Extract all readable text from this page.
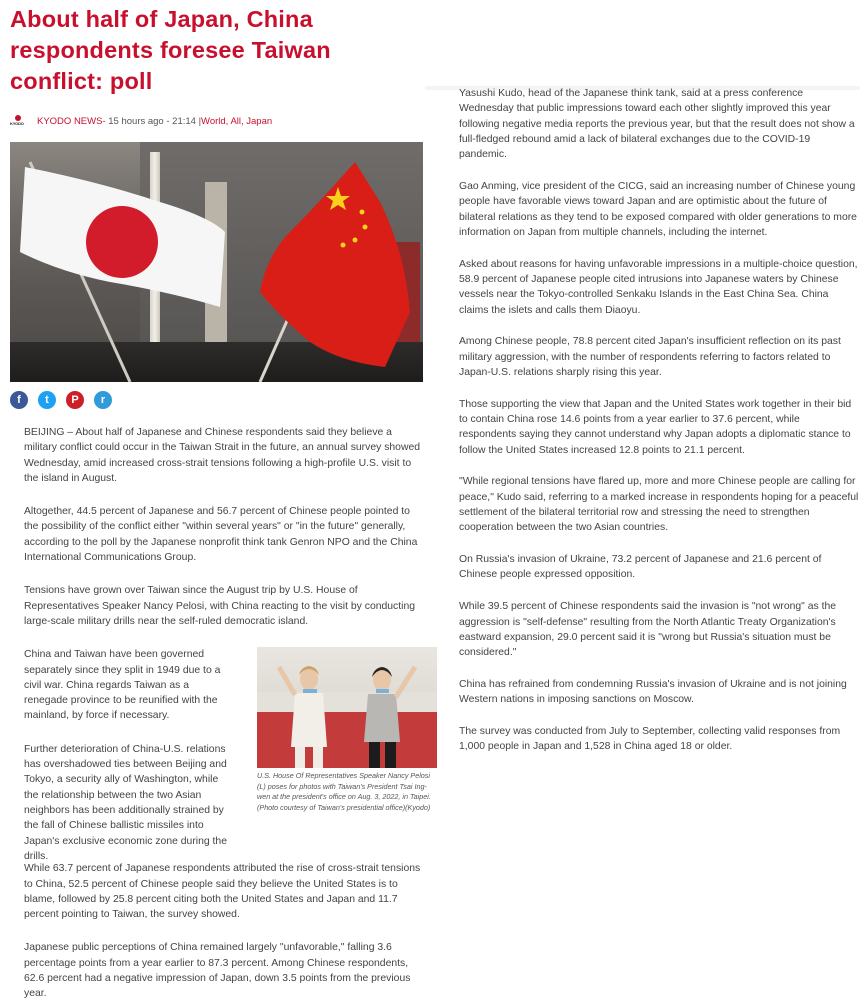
About half of Japan, China respondents foresee Taiwan conflict: poll
KYODO KYODO NEWS - 15 hours ago - 21:14 | World, All, Japan
f	t	P	r

BEIJING – About half of Japanese and Chinese respondents said they believe a military conflict could occur in the Taiwan Strait in the future, an annual survey showed Wednesday, amid increased cross-strait tensions following a high-profile U.S. visit to the island in August.

Altogether, 44.5 percent of Japanese and 56.7 percent of Chinese people pointed to the possibility of the conflict either "within several years" or "in the future" generally, according to the poll by the Japanese nonprofit think tank Genron NPO and the China International Communications Group.

Tensions have grown over Taiwan since the August trip by U.S. House of Representatives Speaker Nancy Pelosi, with China reacting to the visit by conducting large-scale military drills near the self-ruled democratic island.

China and Taiwan have been governed separately since they split in 1949 due to a civil war. China regards Taiwan as a renegade province to be reunified with the mainland, by force if necessary.

Further deterioration of China-U.S. relations has overshadowed ties between Beijing and Tokyo, a security ally of Washington, while the relationship between the two Asian neighbors has been additionally strained by the fall of Chinese ballistic missiles into Japan's exclusive economic zone during the drills.

U.S. House Of Representatives Speaker Nancy Pelosi (L) poses for photos with Taiwan's President Tsai Ing-wen at the president's office on Aug. 3, 2022, in Taipei. (Photo courtesy of Taiwan's presidential office)(Kyodo)

While 63.7 percent of Japanese respondents attributed the rise of cross-strait tensions to China, 52.5 percent of Chinese people said they believe the United States is to blame, followed by 25.8 percent citing both the United States and Japan and 11.7 percent pointing to Taiwan, the survey showed.

Japanese public perceptions of China remained largely "unfavorable," falling 3.6 percentage points from a year earlier to 87.3 percent. Among Chinese respondents, 62.6 percent had a negative impression of Japan, down 3.5 points from the previous year.

Yasushi Kudo, head of the Japanese think tank, said at a press conference Wednesday that public impressions toward each other slightly improved this year following negative media reports the previous year, but that the result does not show a full-fledged rebound amid a lack of bilateral exchanges due to the COVID-19 pandemic.

Gao Anming, vice president of the CICG, said an increasing number of Chinese young people have favorable views toward Japan and are optimistic about the future of bilateral relations as they tend to be exposed compared with older generations to more information on Japan from multiple channels, including the internet.

Asked about reasons for having unfavorable impressions in a multiple-choice question, 58.9 percent of Japanese people cited intrusions into Japanese waters by Chinese vessels near the Tokyo-controlled Senkaku Islands in the East China Sea. China claims the islets and calls them Diaoyu.

Among Chinese people, 78.8 percent cited Japan's insufficient reflection on its past military aggression, with the number of respondents referring to factors related to Japan-U.S. relations sharply rising this year.

Those supporting the view that Japan and the United States work together in their bid to contain China rose 14.6 points from a year earlier to 37.6 percent, while respondents saying they cannot understand why Japan adopts a diplomatic stance to follow the United States increased 12.8 points to 21.1 percent.

"While regional tensions have flared up, more and more Chinese people are calling for peace," Kudo said, referring to a marked increase in respondents hoping for a peaceful settlement of the bilateral territorial row and stressing the need to strengthen cooperation between the two Asian countries.

On Russia's invasion of Ukraine, 73.2 percent of Japanese and 21.6 percent of Chinese people expressed opposition.

While 39.5 percent of Chinese respondents said the invasion is "not wrong" as the aggression is "self-defense" resulting from the North Atlantic Treaty Organization's eastward expansion, 29.0 percent said it is "wrong but Russia's situation must be considered."

China has refrained from condemning Russia's invasion of Ukraine and is not joining Western nations in imposing sanctions on Moscow.

The survey was conducted from July to September, collecting valid responses from 1,000 people in Japan and 1,528 in China aged 18 or older.
